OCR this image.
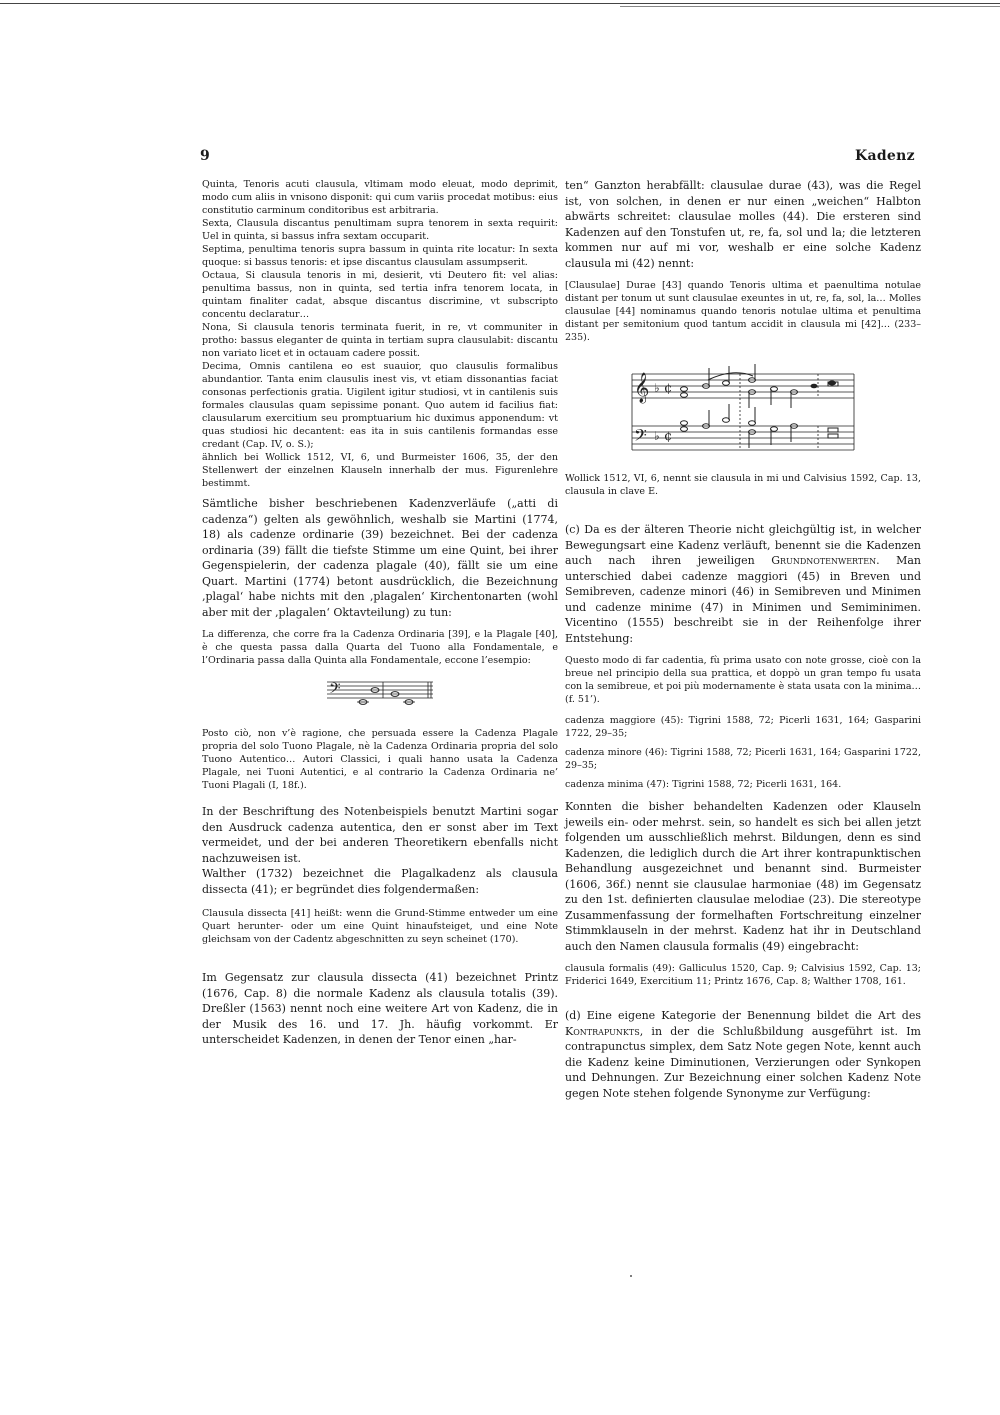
9	Kadenz

Quinta, Tenoris acuti clausula, vltimam modo eleuat, modo deprimit, modo cum aliis in vnisono disponit: qui cum variis procedat motibus: eius constitutio carminum conditoribus est arbitraria.

Sexta, Clausula discantus penultimam supra tenorem in sexta requirit: Uel in quinta, si bassus infra sextam occuparit.

Septima, penultima tenoris supra bassum in quinta rite locatur: In sexta quoque: si bassus tenoris: et ipse discantus clausulam assumpserit.

Octaua, Si clausula tenoris in mi, desierit, vti Deutero fit: vel alias: penultima bassus, non in quinta, sed tertia infra tenorem locata, in quintam finaliter cadat, absque discantus discrimine, vt subscripto concentu declaratur…

Nona, Si clausula tenoris terminata fuerit, in re, vt communiter in protho: bassus eleganter de quinta in tertiam supra clausulabit: discantu non variato licet et in octauam cadere possit.

Decima, Omnis cantilena eo est suauior, quo clausulis formalibus abundantior. Tanta enim clausulis inest vis, vt etiam dissonantias faciat consonas perfectionis gratia. Uigilent igitur studiosi, vt in cantilenis suis formales clausulas quam sepissime ponant. Quo autem id facilius fiat: clausularum exercitium seu promptuarium hic duximus apponendum: vt quas studiosi hic decantent: eas ita in suis cantilenis formandas esse credant (Cap. IV, o. S.);

ähnlich bei Wollick 1512, VI, 6, und Burmeister 1606, 35, der den Stellenwert der einzelnen Klauseln innerhalb der mus. Figurenlehre bestimmt.

Sämtliche bisher beschriebenen Kadenzverläufe („atti di cadenza“) gelten als gewöhnlich, weshalb sie Martini (1774, 18) als cadenze ordinarie (39) bezeichnet. Bei der cadenza ordinaria (39) fällt die tiefste Stimme um eine Quint, bei ihrer Gegenspielerin, der cadenza plagale (40), fällt sie um eine Quart. Martini (1774) betont ausdrücklich, die Bezeichnung ‚plagal‘ habe nichts mit den ‚plagalen‘ Kirchentonarten (wohl aber mit der ‚plagalen‘ Oktavteilung) zu tun:

La differenza, che corre fra la Cadenza Ordinaria [39], e la Plagale [40], è che questa passa dalla Quarta del Tuono alla Fondamentale, e l’Ordinaria passa dalla Quinta alla Fondamentale, eccone l’esempio:

𝄢

Posto ciò, non v’è ragione, che persuada essere la Cadenza Plagale propria del solo Tuono Plagale, nè la Cadenza Ordinaria propria del solo Tuono Autentico… Autori Classici, i quali hanno usata la Cadenza Plagale, nei Tuoni Autentici, e al contrario la Cadenza Ordinaria ne’ Tuoni Plagali (I, 18f.).

In der Beschriftung des Notenbeispiels benutzt Martini sogar den Ausdruck cadenza autentica, den er sonst aber im Text vermeidet, und der bei anderen Theoretikern ebenfalls nicht nachzuweisen ist.

Walther (1732) bezeichnet die Plagalkadenz als clausula dissecta (41); er begründet dies folgendermaßen:

Clausula dissecta [41] heißt: wenn die Grund-Stimme entweder um eine Quart herunter- oder um eine Quint hinaufsteiget, und eine Note gleichsam von der Cadentz abgeschnitten zu seyn scheinet (170).

Im Gegensatz zur clausula dissecta (41) bezeichnet Printz (1676, Cap. 8) die normale Kadenz als clausula totalis (39). Dreßler (1563) nennt noch eine weitere Art von Kadenz, die in der Musik des 16. und 17. Jh. häufig vorkommt. Er unterscheidet Kadenzen, in denen der Tenor einen „har-

ten“ Ganzton herabfällt: clausulae durae (43), was die Regel ist, von solchen, in denen er nur einen „weichen“ Halbton abwärts schreitet: clausulae molles (44). Die ersteren sind Kadenzen auf den Tonstufen ut, re, fa, sol und la; die letzteren kommen nur auf mi vor, weshalb er eine solche Kadenz clausula mi (42) nennt:

[Clausulae] Durae [43] quando Tenoris ultima et paenultima notulae distant per tonum ut sunt clausulae exeuntes in ut, re, fa, sol, la… Molles clausulae [44] nominamus quando tenoris notulae ultima et penultima distant per semitonium quod tantum accidit in clausula mi [42]… (233–235).

𝄞
𝄢
♭
♭
¢
¢

Wollick 1512, VI, 6, nennt sie clausula in mi und Calvisius 1592, Cap. 13, clausula in clave E.

(c) Da es der älteren Theorie nicht gleichgültig ist, in welcher Bewegungsart eine Kadenz verläuft, benennt sie die Kadenzen auch nach ihren jeweiligen Grundnotenwerten. Man unterschied dabei cadenze maggiori (45) in Breven und Semibreven, cadenze minori (46) in Semibreven und Minimen und cadenze minime (47) in Minimen und Semiminimen. Vicentino (1555) beschreibt sie in der Reihenfolge ihrer Entstehung:

Questo modo di far cadentia, fù prima usato con note grosse, cioè con la breue nel principio della sua prattica, et doppò un gran tempo fu usata con la semibreue, et poi più modernamente è stata usata con la minima… (f. 51’).

cadenza maggiore (45): Tigrini 1588, 72; Picerli 1631, 164; Gasparini 1722, 29–35;

cadenza minore (46): Tigrini 1588, 72; Picerli 1631, 164; Gasparini 1722, 29–35;

cadenza minima (47): Tigrini 1588, 72; Picerli 1631, 164.

Konnten die bisher behandelten Kadenzen oder Klauseln jeweils ein- oder mehrst. sein, so handelt es sich bei allen jetzt folgenden um ausschließlich mehrst. Bildungen, denn es sind Kadenzen, die lediglich durch die Art ihrer kontrapunktischen Behandlung ausgezeichnet und benannt sind. Burmeister (1606, 36f.) nennt sie clausulae harmoniae (48) im Gegensatz zu den 1st. definierten clausulae melodiae (23). Die stereotype Zusammenfassung der formelhaften Fortschreitung einzelner Stimmklauseln in der mehrst. Kadenz hat ihr in Deutschland auch den Namen clausula formalis (49) eingebracht:

clausula formalis (49): Galliculus 1520, Cap. 9; Calvisius 1592, Cap. 13; Friderici 1649, Exercitium 11; Printz 1676, Cap. 8; Walther 1708, 161.

(d) Eine eigene Kategorie der Benennung bildet die Art des Kontrapunkts, in der die Schlußbildung ausgeführt ist. Im contrapunctus simplex, dem Satz Note gegen Note, kennt auch die Kadenz keine Diminutionen, Verzierungen oder Synkopen und Dehnungen. Zur Bezeichnung einer solchen Kadenz Note gegen Note stehen folgende Synonyme zur Verfügung:
